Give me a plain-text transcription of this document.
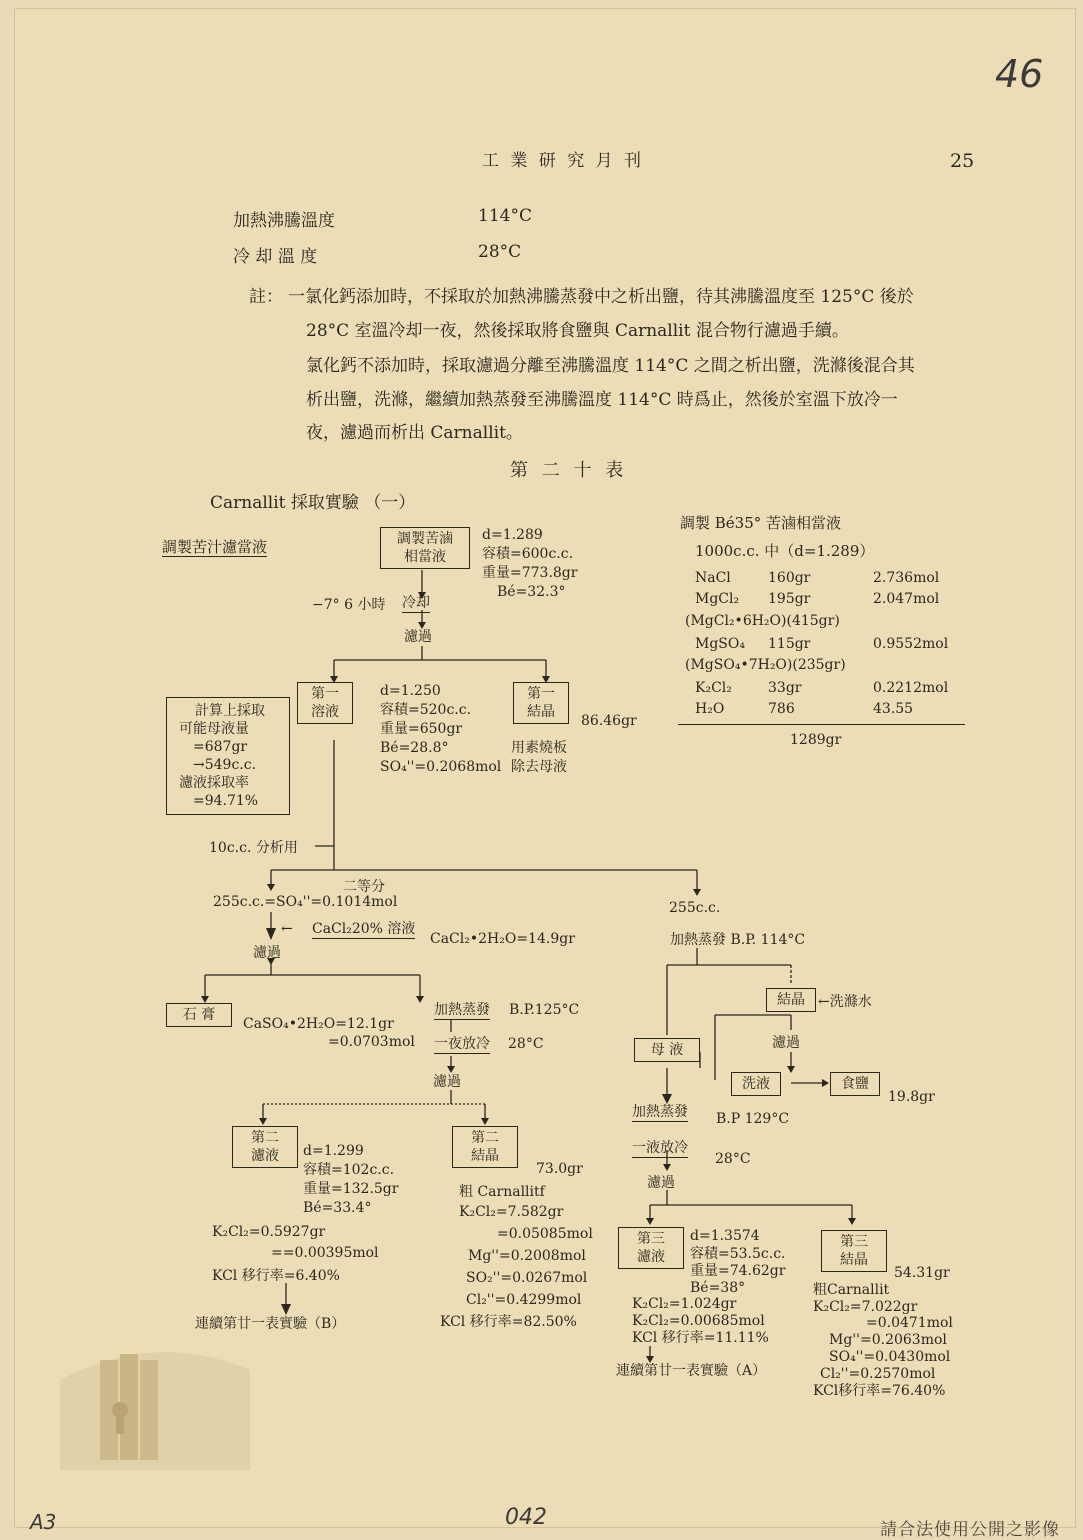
46
A3	042	請合法使用公開之影像
工 業 研 究 月 刊	25
加熱沸騰溫度	114°C
冷 却 溫 度	28°C
註： 一氯化鈣添加時，不採取於加熱沸騰蒸發中之析出鹽，待其沸騰溫度至 125°C 後於
28°C 室溫冷却一夜，然後採取將食鹽與 Carnallit 混合物行濾過手續。
氯化鈣不添加時，採取濾過分離至沸騰溫度 114°C 之間之析出鹽，洗滌後混合其
析出鹽，洗滌，繼續加熱蒸發至沸騰溫度 114°C 時爲止，然後於室溫下放冷一
夜，濾過而析出 Carnallit。
第 二 十 表
Carnallit 採取實驗 （一）
調製苦汁濾當液	調製苦滷
相當液
d=1.289
容積=600c.c.
重量=773.8gr
Bé=32.3°
−7° 6 小時 冷却
濾過
第一
溶液
d=1.250
容積=520c.c.
重量=650gr
Bé=28.8°
SO₄''=0.2068mol
第一
結晶
86.46gr
用素燒板
除去母液
計算上採取
可能母液量
=687gr
→549c.c.
濾液採取率
=94.71%
10c.c. 分析用
二等分
255c.c.=SO₄''=0.1014mol
← CaCl₂20% 溶液
CaCl₂•2H₂O=14.9gr
濾過
石 膏
CaSO₄•2H₂O=12.1gr
=0.0703mol
加熱蒸發 B.P.125°C
一夜放冷 28°C
濾過
第二
濾液	d=1.299
容積=102c.c.
重量=132.5gr
Bé=33.4°
K₂Cl₂=0.5927gr
==0.00395mol
KCl 移行率=6.40%
連續第廿一表實驗（B）
第二
結晶
73.0gr
粗 Carnallitf
K₂Cl₂=7.582gr
=0.05085mol
Mg''=0.2008mol
SO₂''=0.0267mol
Cl₂''=0.4299mol
KCl 移行率=82.50%
255c.c.
加熱蒸發 B.P. 114°C
結晶 ←洗滌水
濾過
母 液
洗液	食鹽
19.8gr
加熱蒸發 B.P 129°C
一液放冷
28°C
濾過
第三
濾液
d=1.3574
容積=53.5c.c.
重量=74.62gr
Bé=38°
K₂Cl₂=1.024gr
K₂Cl₂=0.00685mol
KCl 移行率=11.11%
連續第廿一表實驗（A）
第三
結晶
54.31gr
粗Carnallit
K₂Cl₂=7.022gr
=0.0471mol
Mg''=0.2063mol
SO₄''=0.0430mol
Cl₂''=0.2570mol
KCl移行率=76.40%
調製 Bé35° 苦滷相當液
1000c.c. 中（d=1.289）
NaCl	160gr	2.736mol
MgCl₂ 195gr	2.047mol
(MgCl₂•6H₂O)(415gr)
MgSO₄ 115gr	0.9552mol
(MgSO₄•7H₂O)(235gr)
K₂Cl₂	33gr	0.2212mol
H₂O	786	43.55
1289gr
